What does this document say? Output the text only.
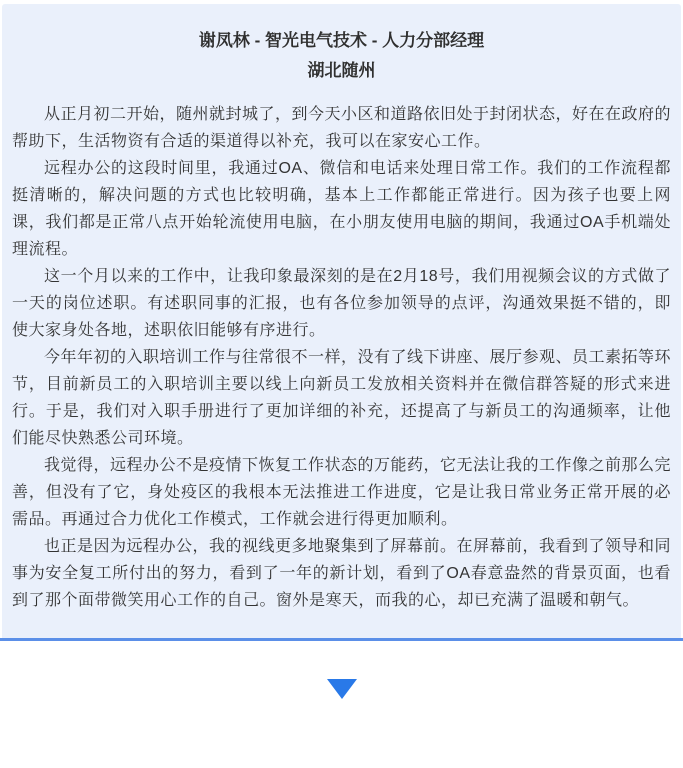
谢凤林 - 智光电气技术 - 人力分部经理
湖北随州

从正月初二开始，随州就封城了，到今天小区和道路依旧处于封闭状态，好在在政府的帮助下，生活物资有合适的渠道得以补充，我可以在家安心工作。

远程办公的这段时间里，我通过OA、微信和电话来处理日常工作。我们的工作流程都挺清晰的，解决问题的方式也比较明确，基本上工作都能正常进行。因为孩子也要上网课，我们都是正常八点开始轮流使用电脑，在小朋友使用电脑的期间，我通过OA手机端处理流程。

这一个月以来的工作中，让我印象最深刻的是在2月18号，我们用视频会议的方式做了一天的岗位述职。有述职同事的汇报，也有各位参加领导的点评，沟通效果挺不错的，即使大家身处各地，述职依旧能够有序进行。

今年年初的入职培训工作与往常很不一样，没有了线下讲座、展厅参观、员工素拓等环节，目前新员工的入职培训主要以线上向新员工发放相关资料并在微信群答疑的形式来进行。于是，我们对入职手册进行了更加详细的补充，还提高了与新员工的沟通频率，让他们能尽快熟悉公司环境。

我觉得，远程办公不是疫情下恢复工作状态的万能药，它无法让我的工作像之前那么完善，但没有了它，身处疫区的我根本无法推进工作进度，它是让我日常业务正常开展的必需品。再通过合力优化工作模式，工作就会进行得更加顺利。

也正是因为远程办公，我的视线更多地聚集到了屏幕前。在屏幕前，我看到了领导和同事为安全复工所付出的努力，看到了一年的新计划，看到了OA春意盎然的背景页面，也看到了那个面带微笑用心工作的自己。窗外是寒天，而我的心，却已充满了温暖和朝气。
